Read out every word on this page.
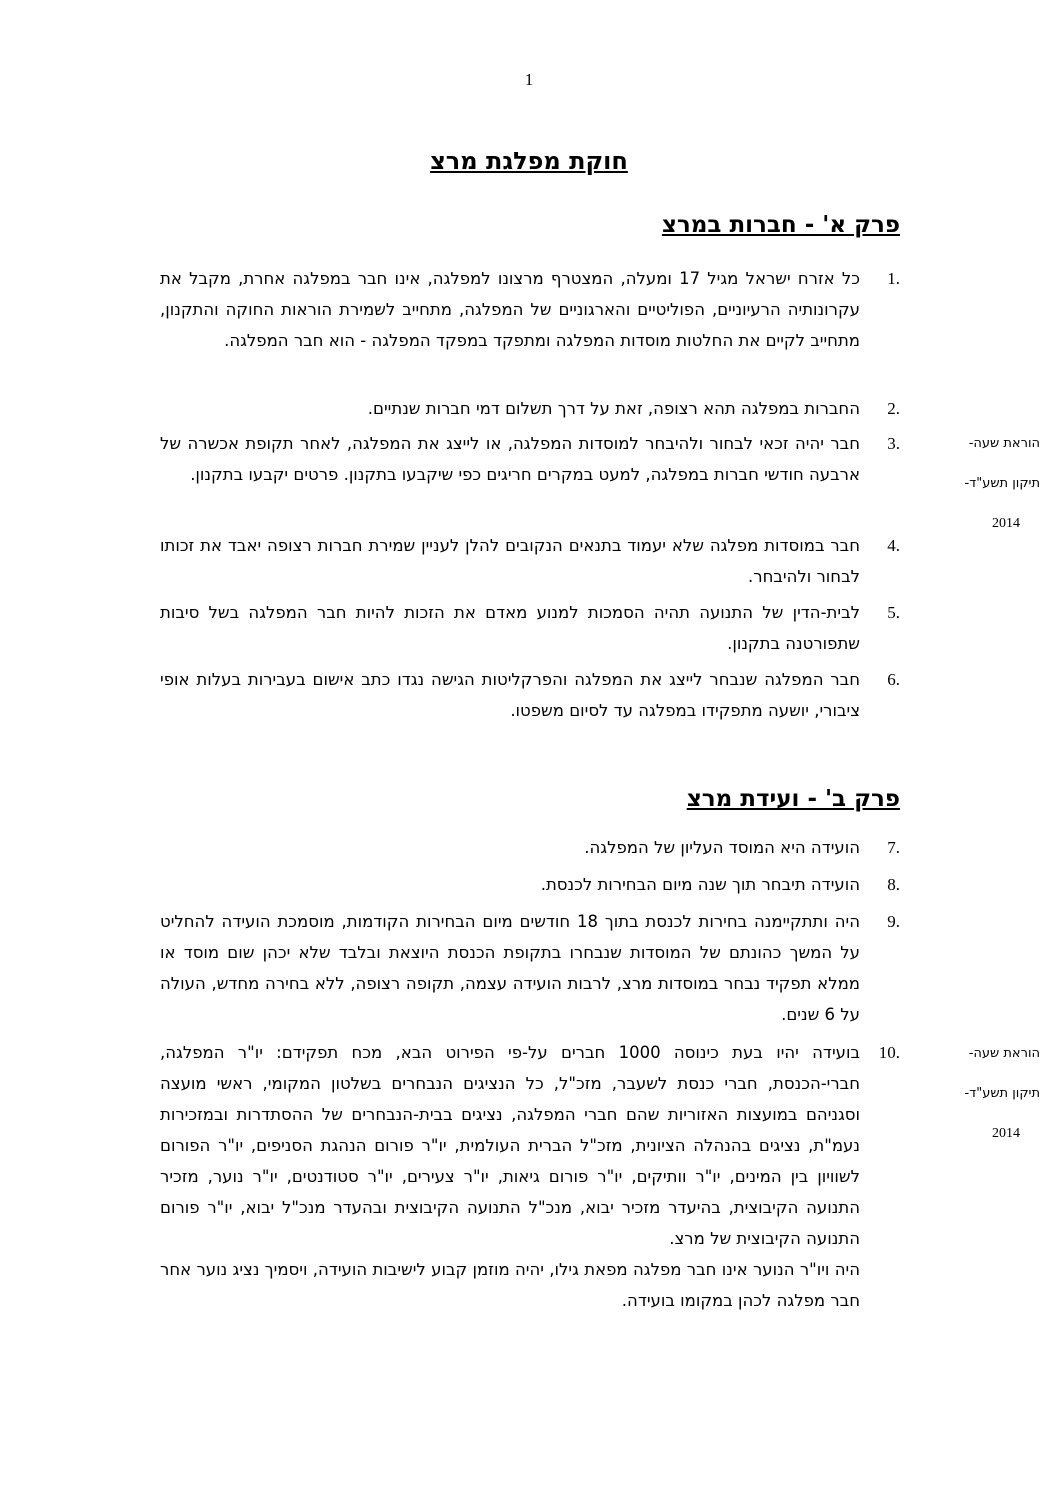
1
חוקת מפלגת מרצ
פרק א' - חברות במרצ
1.
כל אזרח ישראל מגיל 17 ומעלה, המצטרף מרצונו למפלגה, אינו חבר במפלגה אחרת, מקבל את עקרונותיה הרעיוניים, הפוליטיים והארגוניים של המפלגה, מתחייב לשמירת הוראות החוקה והתקנון, מתחייב לקיים את החלטות מוסדות המפלגה ומתפקד במפקד המפלגה - הוא חבר המפלגה.
2.
החברות במפלגה תהא רצופה, זאת על דרך תשלום דמי חברות שנתיים.
3.
חבר יהיה זכאי לבחור ולהיבחר למוסדות המפלגה, או לייצג את המפלגה, לאחר תקופת אכשרה של ארבעה חודשי חברות במפלגה, למעט במקרים חריגים כפי שיקבעו בתקנון. פרטים יקבעו בתקנון.
הוראת שעה-
תיקון תשע"ד-
2014
4.
חבר במוסדות מפלגה שלא יעמוד בתנאים הנקובים להלן לעניין שמירת חברות רצופה יאבד את זכותו לבחור ולהיבחר.
5.
לבית-הדין של התנועה תהיה הסמכות למנוע מאדם את הזכות להיות חבר המפלגה בשל סיבות שתפורטנה בתקנון.
6.
חבר המפלגה שנבחר לייצג את המפלגה והפרקליטות הגישה נגדו כתב אישום בעבירות בעלות אופי ציבורי, יושעה מתפקידו במפלגה עד לסיום משפטו.
פרק ב' - ועידת מרצ
7.
הועידה היא המוסד העליון של המפלגה.
8.
הועידה תיבחר תוך שנה מיום הבחירות לכנסת.
9.
היה ותתקיימנה בחירות לכנסת בתוך 18 חודשים מיום הבחירות הקודמות, מוסמכת הועידה להחליט על המשך כהונתם של המוסדות שנבחרו בתקופת הכנסת היוצאת ובלבד שלא יכהן שום מוסד או ממלא תפקיד נבחר במוסדות מרצ, לרבות הועידה עצמה, תקופה רצופה, ללא בחירה מחדש, העולה על 6 שנים.
10.

בועידה יהיו בעת כינוסה 1000 חברים על-פי הפירוט הבא, מכח תפקידם: יו"ר המפלגה, חברי-הכנסת, חברי כנסת לשעבר, מזכ"ל, כל הנציגים הנבחרים בשלטון המקומי, ראשי מועצה וסגניהם במועצות האזוריות שהם חברי המפלגה, נציגים בבית-הנבחרים של ההסתדרות ובמזכירות נעמ"ת, נציגים בהנהלה הציונית, מזכ"ל הברית העולמית, יו"ר פורום הנהגת הסניפים, יו"ר הפורום לשוויון בין המינים, יו"ר וותיקים, יו"ר פורום גיאות, יו"ר צעירים, יו"ר סטודנטים, יו"ר נוער, מזכיר התנועה הקיבוצית, בהיעדר מזכיר יבוא, מנכ"ל התנועה הקיבוצית ובהעדר מנכ"ל יבוא, יו"ר פורום התנועה הקיבוצית של מרצ.

היה ויו"ר הנוער אינו חבר מפלגה מפאת גילו, יהיה מוזמן קבוע לישיבות הועידה, ויסמיך נציג נוער אחר חבר מפלגה לכהן במקומו בועידה.

הוראת שעה-
תיקון תשע"ד-
2014
